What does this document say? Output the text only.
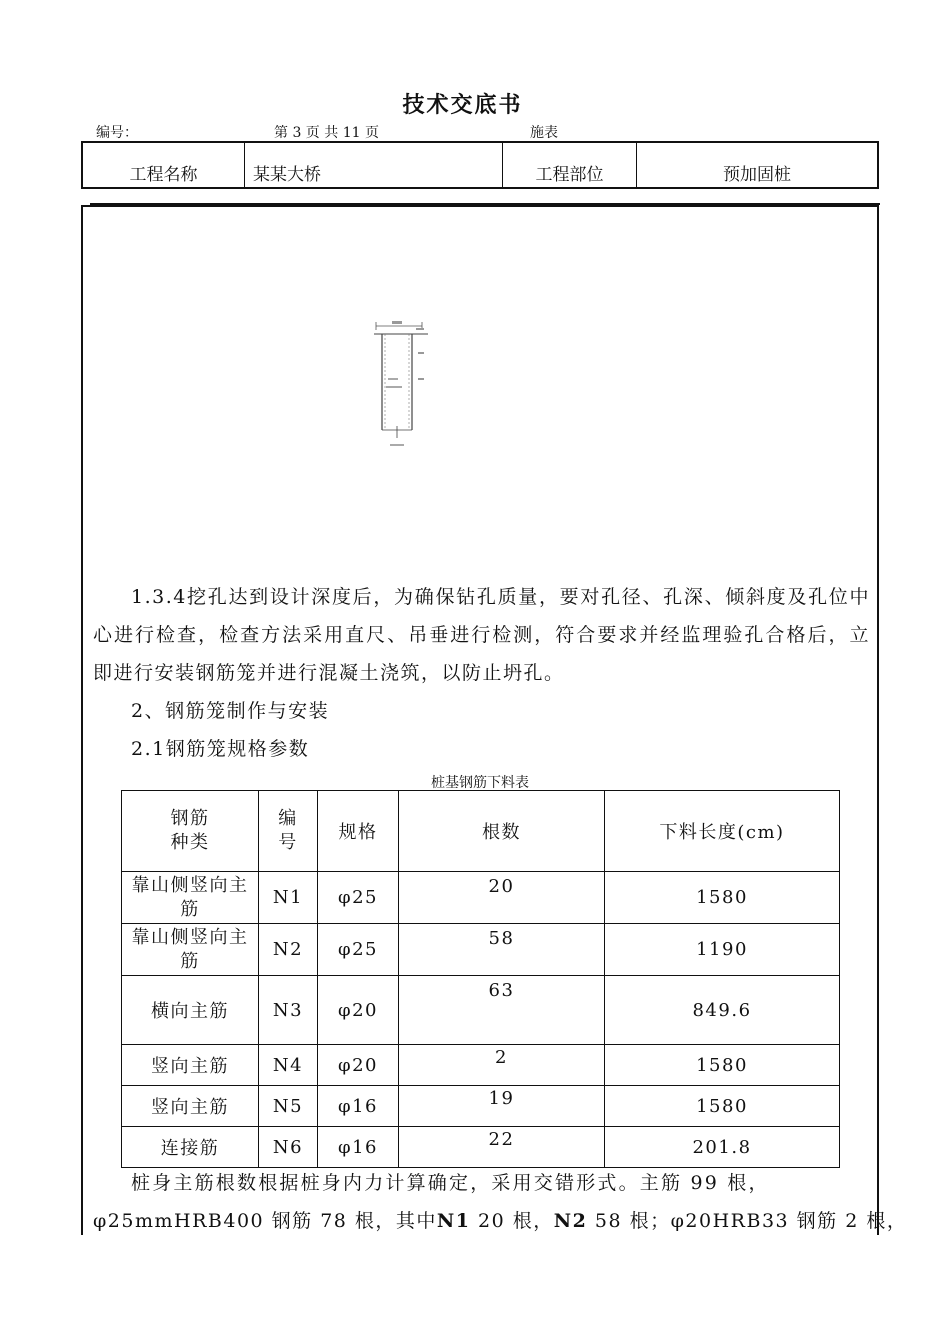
技术交底书
编号：	第 3 页 共 11 页	施表
工程名称	某某大桥	工程部位	预加固桩
1.3.4挖孔达到设计深度后，为确保钻孔质量，要对孔径、孔深、倾斜度及孔位中心进行检查，检查方法采用直尺、吊垂进行检测，符合要求并经监理验孔合格后，立即进行安装钢筋笼并进行混凝土浇筑，以防止坍孔。
2、钢筋笼制作与安装
2.1钢筋笼规格参数
桩基钢筋下料表
钢筋种类	编号	规格	根数	下料长度(cm)
靠山侧竖向主筋	N1	φ25	20	1580
靠山侧竖向主筋	N2	φ25	58	1190
横向主筋	N3	φ20	63	849.6
竖向主筋	N4	φ20	2	1580
竖向主筋	N5	φ16	19	1580
连接筋	N6	φ16	22	201.8
桩身主筋根数根据桩身内力计算确定，采用交错形式。主筋 99 根，
φ25mmHRB400 钢筋 78 根，其中N1 20 根，N2 58 根；φ20HRB33 钢筋 2 根，
